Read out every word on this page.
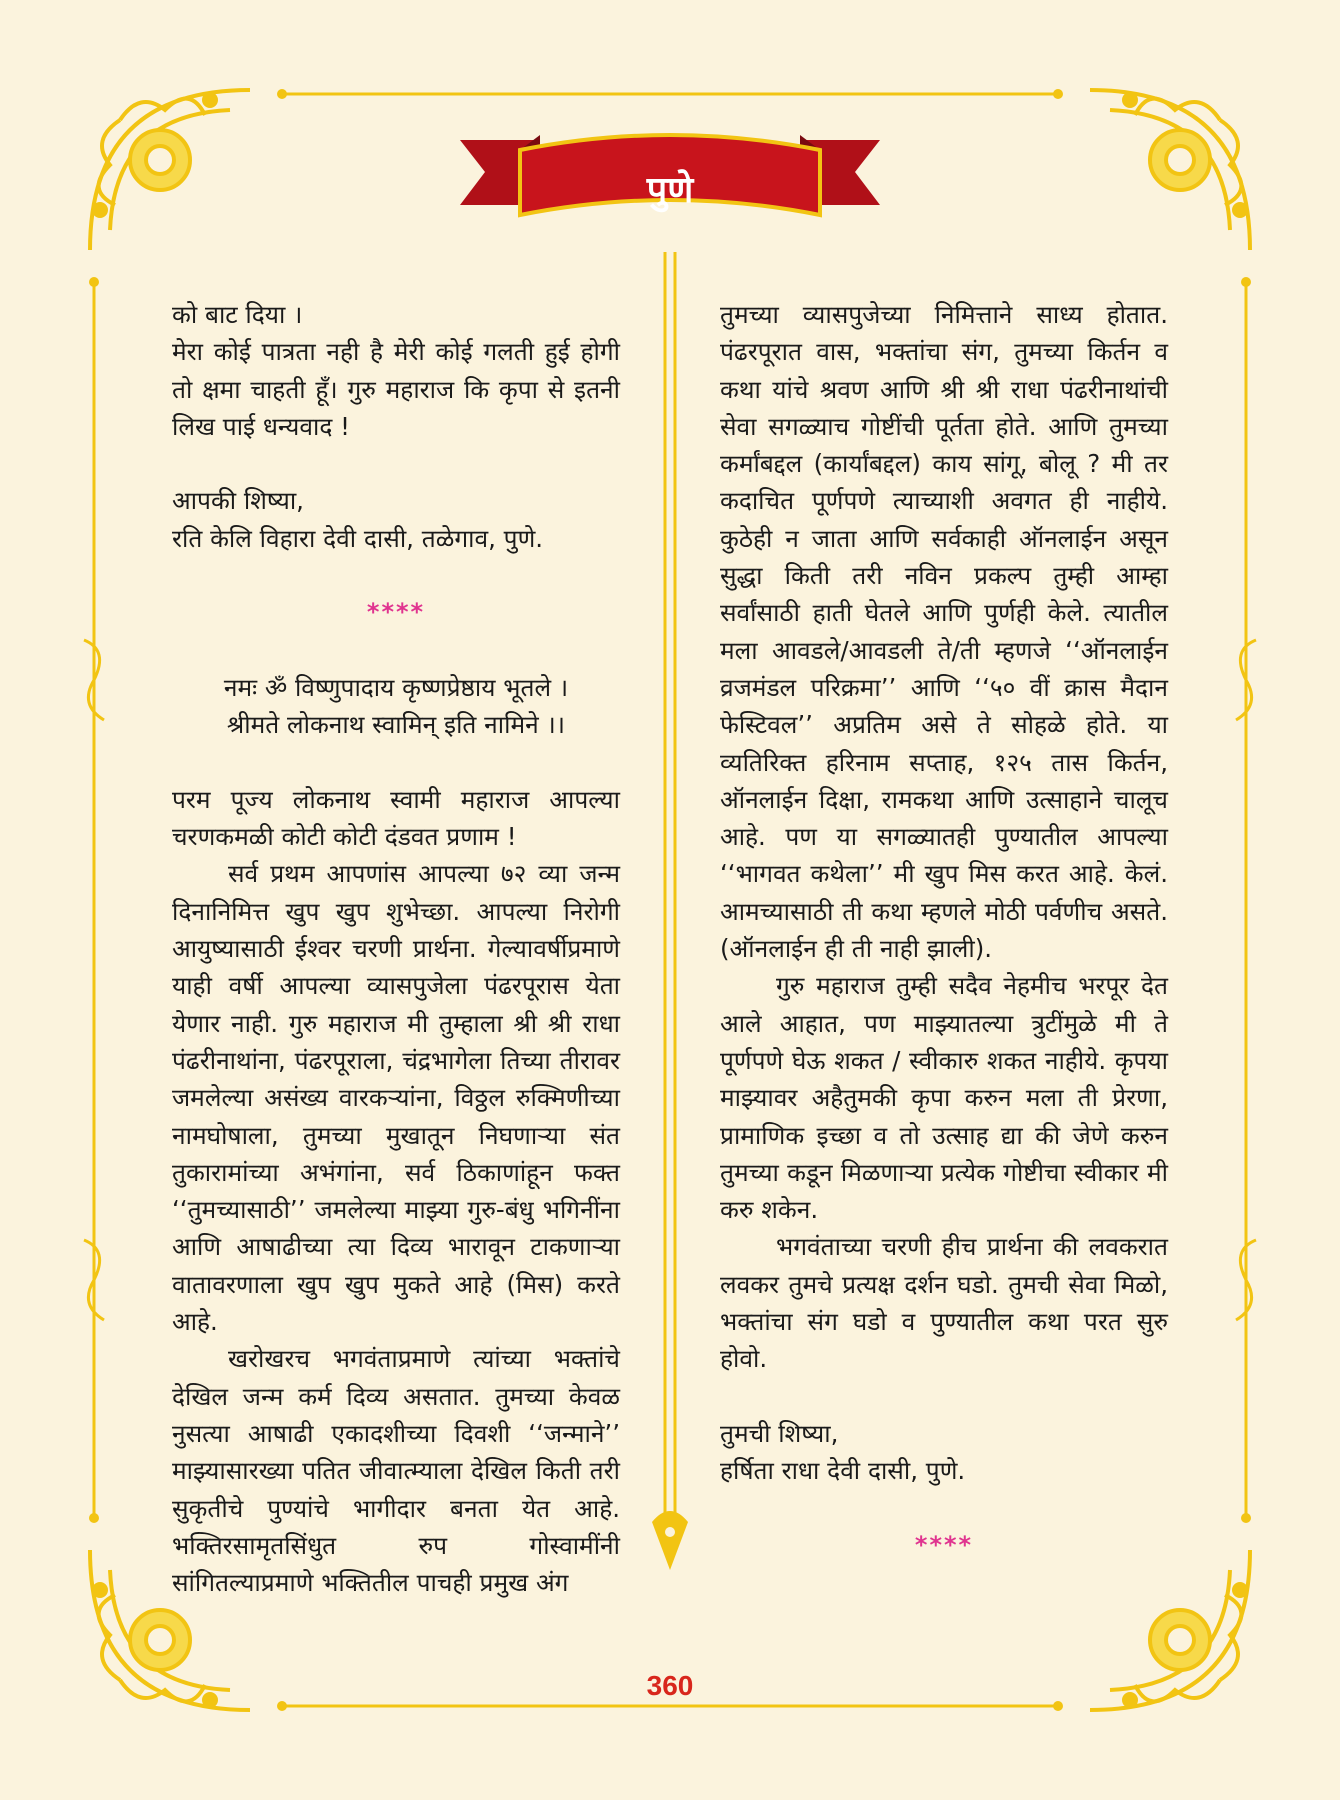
पुणे

को बाट दिया ।

मेरा कोई पात्रता नही है मेरी कोई गलती हुई होगी तो क्षमा चाहती हूँ। गुरु महाराज कि कृपा से इतनी लिख पाई धन्यवाद !

आपकी शिष्या,

रति केलि विहारा देवी दासी, तळेगाव, पुणे.

****

नमः ॐ विष्णुपादाय कृष्णप्रेष्ठाय भूतले ।

श्रीमते लोकनाथ स्वामिन् इति नामिने ।।

परम पूज्य लोकनाथ स्वामी महाराज आपल्या चरणकमळी कोटी कोटी दंडवत प्रणाम !

सर्व प्रथम आपणांस आपल्या ७२ व्या जन्म दिनानिमित्त खुप खुप शुभेच्छा. आपल्या निरोगी आयुष्यासाठी ईश्वर चरणी प्रार्थना. गेल्यावर्षीप्रमाणे याही वर्षी आपल्या व्यासपुजेला पंढरपूरास येता येणार नाही. गुरु महाराज मी तुम्हाला श्री श्री राधा पंढरीनाथांना, पंढरपूराला, चंद्रभागेला तिच्या तीरावर जमलेल्या असंख्य वारकऱ्यांना, विठ्ठल रुक्मिणीच्या नामघोषाला, तुमच्या मुखातून निघणाऱ्या संत तुकारामांच्या अभंगांना, सर्व ठिकाणांहून फक्त ‘‘तुमच्यासाठी’’ जमलेल्या माझ्या गुरु-बंधु भगिनींना आणि आषाढीच्या त्या दिव्य भारावून टाकणाऱ्या वातावरणाला खुप खुप मुकते आहे (मिस) करते आहे.

खरोखरच भगवंताप्रमाणे त्यांच्या भक्तांचे देखिल जन्म कर्म दिव्य असतात. तुमच्या केवळ नुसत्या आषाढी एकादशीच्या दिवशी ‘‘जन्माने’’ माझ्यासारख्या पतित जीवात्म्याला देखिल किती तरी सुकृतीचे पुण्यांचे भागीदार बनता येत आहे. भक्तिरसामृतसिंधुत रुप गोस्वामींनी सांगितल्याप्रमाणे भक्तितील पाचही प्रमुख अंग

तुमच्या व्यासपुजेच्या निमित्ताने साध्य होतात. पंढरपूरात वास, भक्तांचा संग, तुमच्या किर्तन व कथा यांचे श्रवण आणि श्री श्री राधा पंढरीनाथांची सेवा सगळ्याच गोष्टींची पूर्तता होते. आणि तुमच्या कर्मांबद्दल (कार्यांबद्दल) काय सांगू, बोलू ? मी तर कदाचित पूर्णपणे त्याच्याशी अवगत ही नाहीये. कुठेही न जाता आणि सर्वकाही ऑनलाईन असून सुद्धा किती तरी नविन प्रकल्प तुम्ही आम्हा सर्वांसाठी हाती घेतले आणि पुर्णही केले. त्यातील मला आवडले/आवडली ते/ती म्हणजे ‘‘ऑनलाईन व्रजमंडल परिक्रमा’’ आणि ‘‘५० वीं क्रास मैदान फेस्टिवल’’ अप्रतिम असे ते सोहळे होते. या व्यतिरिक्त हरिनाम सप्ताह, १२५ तास किर्तन, ऑनलाईन दिक्षा, रामकथा आणि उत्साहाने चालूच आहे. पण या सगळ्यातही पुण्यातील आपल्या ‘‘भागवत कथेला’’ मी खुप मिस करत आहे. केलं. आमच्यासाठी ती कथा म्हणले मोठी पर्वणीच असते. (ऑनलाईन ही ती नाही झाली).

गुरु महाराज तुम्ही सदैव नेहमीच भरपूर देत आले आहात, पण माझ्यातल्या त्रुटींमुळे मी ते पूर्णपणे घेऊ शकत / स्वीकारु शकत नाहीये. कृपया माझ्यावर अहैतुमकी कृपा करुन मला ती प्रेरणा, प्रामाणिक इच्छा व तो उत्साह द्या की जेणे करुन तुमच्या कडून मिळणाऱ्या प्रत्येक गोष्टीचा स्वीकार मी करु शकेन.

भगवंताच्या चरणी हीच प्रार्थना की लवकरात लवकर तुमचे प्रत्यक्ष दर्शन घडो. तुमची सेवा मिळो, भक्तांचा संग घडो व पुण्यातील कथा परत सुरु होवो.

तुमची शिष्या,

हर्षिता राधा देवी दासी, पुणे.

****

360
